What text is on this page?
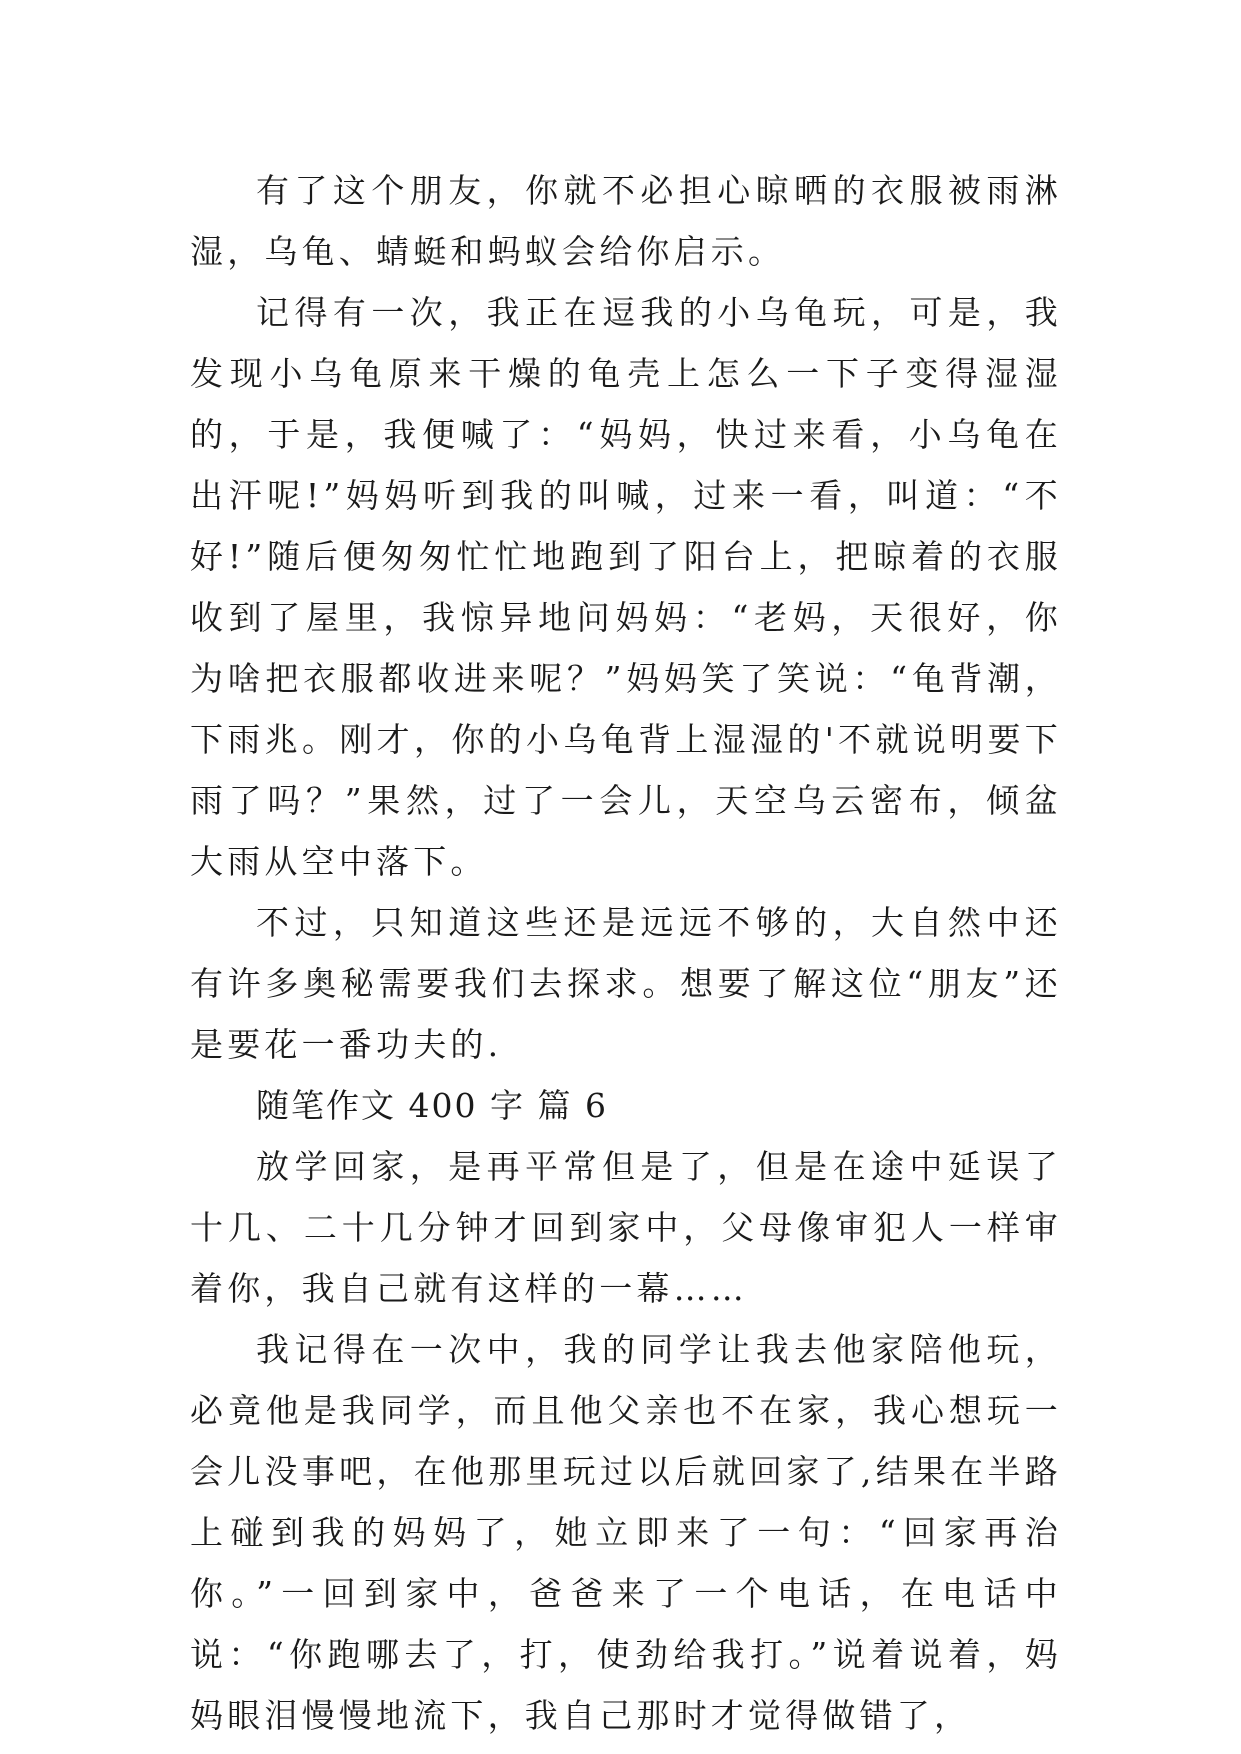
有了这个朋友，你就不必担心晾晒的衣服被雨淋湿，乌龟、蜻蜓和蚂蚁会给你启示。

记得有一次，我正在逗我的小乌龟玩，可是，我发现小乌龟原来干燥的龟壳上怎么一下子变得湿湿的，于是，我便喊了：“妈妈，快过来看，小乌龟在出汗呢!”妈妈听到我的叫喊，过来一看，叫道：“不好!”随后便匆匆忙忙地跑到了阳台上，把晾着的衣服收到了屋里，我惊异地问妈妈：“老妈，天很好，你为啥把衣服都收进来呢？”妈妈笑了笑说：“龟背潮，下雨兆。刚才，你的小乌龟背上湿湿的'不就说明要下雨了吗？”果然，过了一会儿，天空乌云密布，倾盆大雨从空中落下。

不过，只知道这些还是远远不够的，大自然中还有许多奥秘需要我们去探求。想要了解这位“朋友”还是要花一番功夫的.

随笔作文 400 字 篇 6

放学回家，是再平常但是了，但是在途中延误了十几、二十几分钟才回到家中，父母像审犯人一样审着你，我自己就有这样的一幕……

我记得在一次中，我的同学让我去他家陪他玩，必竟他是我同学，而且他父亲也不在家，我心想玩一会儿没事吧，在他那里玩过以后就回家了,结果在半路上碰到我的妈妈了，她立即来了一句：“回家再治你。”一回到家中，爸爸来了一个电话，在电话中说：“你跑哪去了，打，使劲给我打。”说着说着，妈妈眼泪慢慢地流下，我自己那时才觉得做错了，
